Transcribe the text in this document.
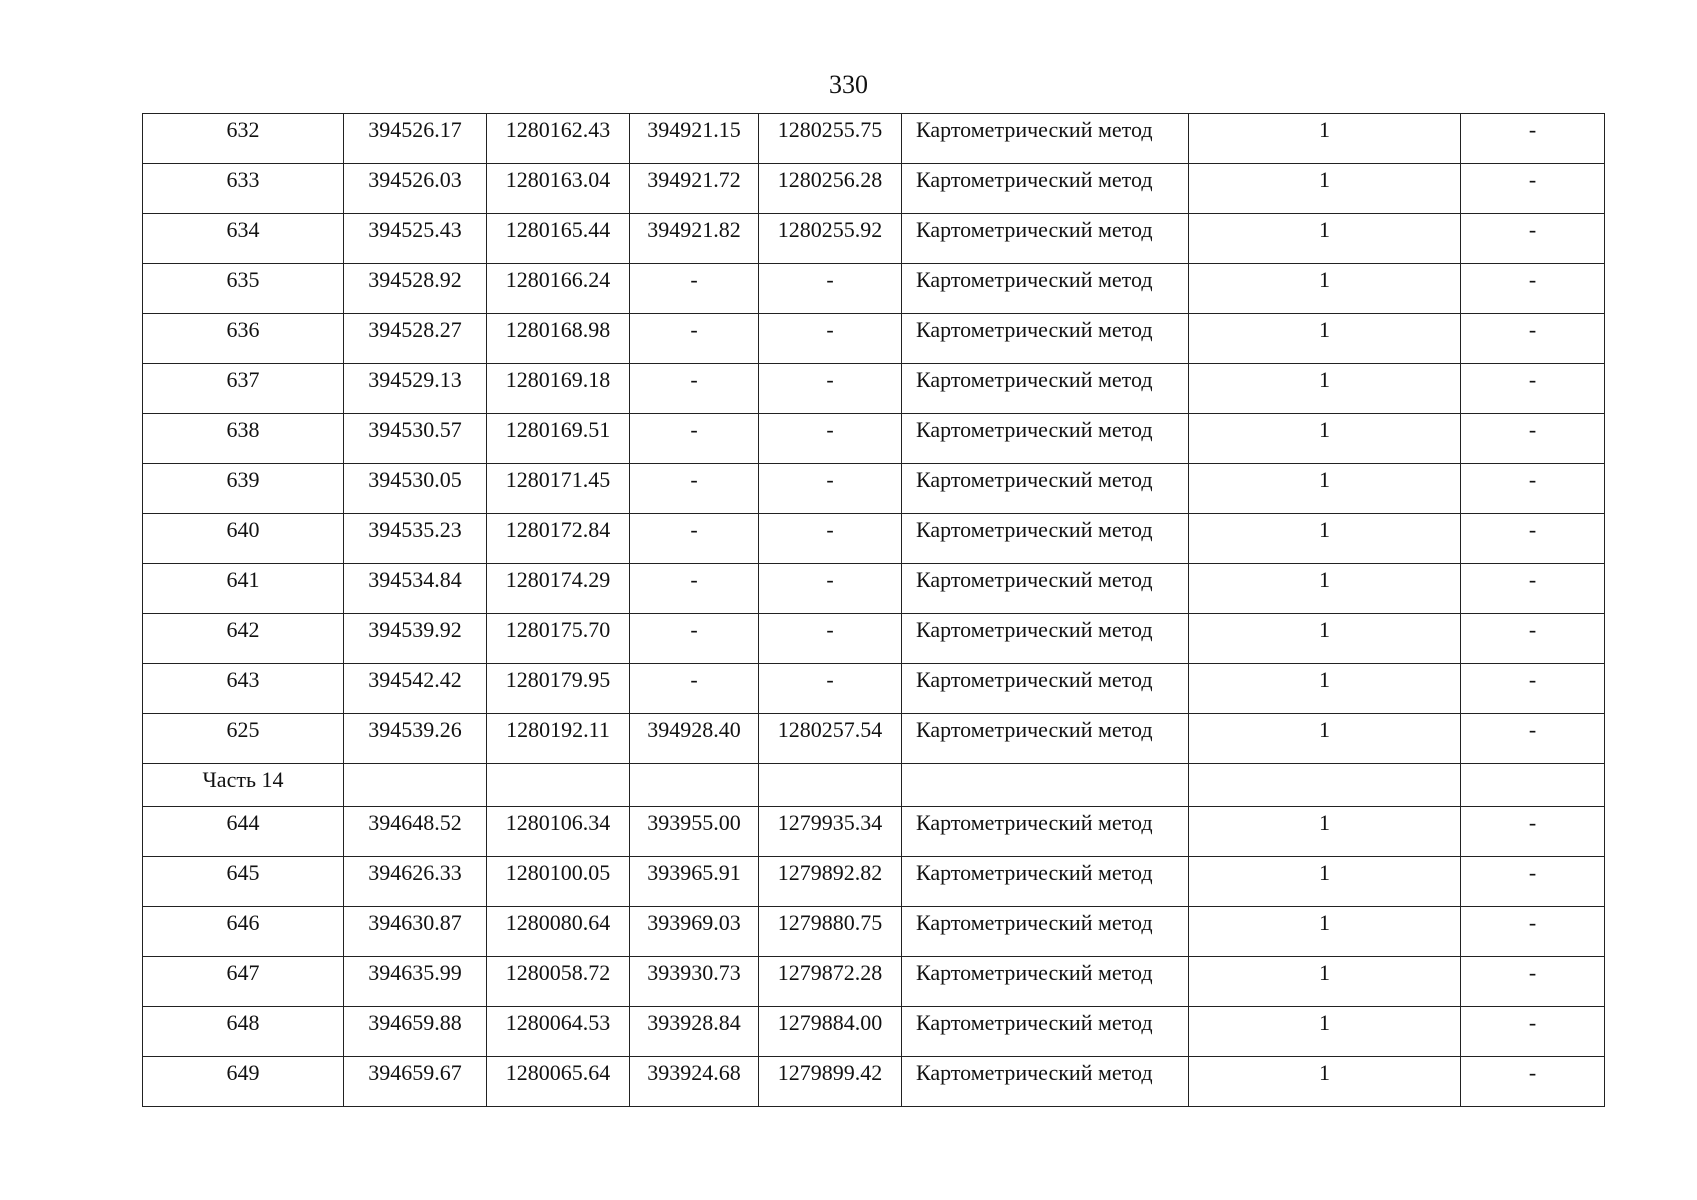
330
632	394526.17	1280162.43	394921.15	1280255.75	Картометрический метод	1	-
633	394526.03	1280163.04	394921.72	1280256.28	Картометрический метод	1	-
634	394525.43	1280165.44	394921.82	1280255.92	Картометрический метод	1	-
635	394528.92	1280166.24	-	-	Картометрический метод	1	-
636	394528.27	1280168.98	-	-	Картометрический метод	1	-
637	394529.13	1280169.18	-	-	Картометрический метод	1	-
638	394530.57	1280169.51	-	-	Картометрический метод	1	-
639	394530.05	1280171.45	-	-	Картометрический метод	1	-
640	394535.23	1280172.84	-	-	Картометрический метод	1	-
641	394534.84	1280174.29	-	-	Картометрический метод	1	-
642	394539.92	1280175.70	-	-	Картометрический метод	1	-
643	394542.42	1280179.95	-	-	Картометрический метод	1	-
625	394539.26	1280192.11	394928.40	1280257.54	Картометрический метод	1	-
Часть 14							
644	394648.52	1280106.34	393955.00	1279935.34	Картометрический метод	1	-
645	394626.33	1280100.05	393965.91	1279892.82	Картометрический метод	1	-
646	394630.87	1280080.64	393969.03	1279880.75	Картометрический метод	1	-
647	394635.99	1280058.72	393930.73	1279872.28	Картометрический метод	1	-
648	394659.88	1280064.53	393928.84	1279884.00	Картометрический метод	1	-
649	394659.67	1280065.64	393924.68	1279899.42	Картометрический метод	1	-
